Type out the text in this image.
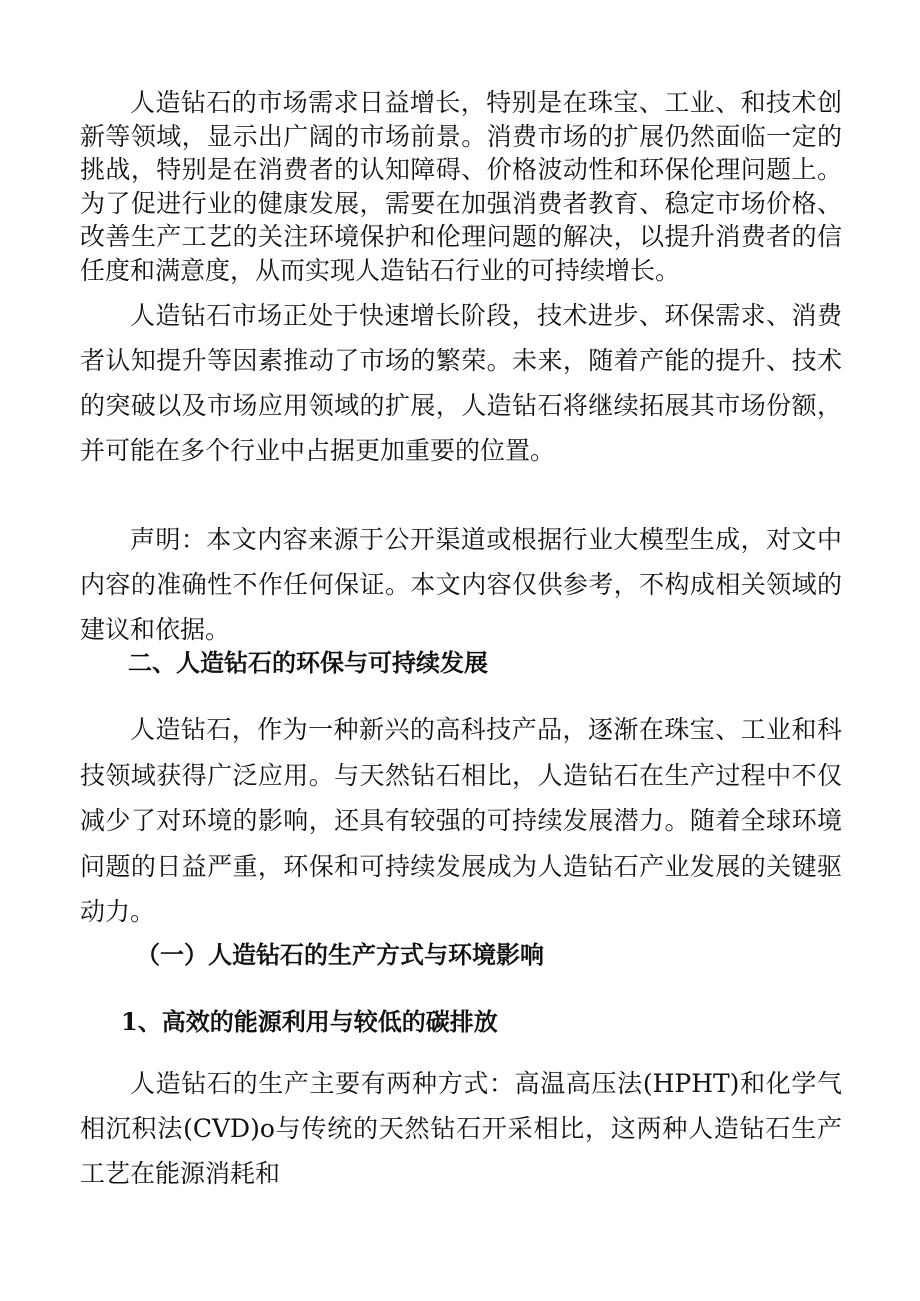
人造钻石的市场需求日益增长，特别是在珠宝、工业、和技术创新等领域，显示出广阔的市场前景。消费市场的扩展仍然面临一定的挑战，特别是在消费者的认知障碍、价格波动性和环保伦理问题上。为了促进行业的健康发展，需要在加强消费者教育、稳定市场价格、改善生产工艺的关注环境保护和伦理问题的解决，以提升消费者的信任度和满意度，从而实现人造钻石行业的可持续增长。

人造钻石市场正处于快速增长阶段，技术进步、环保需求、消费者认知提升等因素推动了市场的繁荣。未来，随着产能的提升、技术的突破以及市场应用领域的扩展，人造钻石将继续拓展其市场份额，并可能在多个行业中占据更加重要的位置。

声明：本文内容来源于公开渠道或根据行业大模型生成，对文中内容的准确性不作任何保证。本文内容仅供参考，不构成相关领域的建议和依据。

二、人造钻石的环保与可持续发展

人造钻石，作为一种新兴的高科技产品，逐渐在珠宝、工业和科技领域获得广泛应用。与天然钻石相比，人造钻石在生产过程中不仅减少了对环境的影响，还具有较强的可持续发展潜力。随着全球环境问题的日益严重，环保和可持续发展成为人造钻石产业发展的关键驱动力。

（一）人造钻石的生产方式与环境影响
1、高效的能源利用与较低的碳排放

人造钻石的生产主要有两种方式：高温高压法(HPHT)和化学气相沉积法(CVD)o与传统的天然钻石开采相比，这两种人造钻石生产工艺在能源消耗和
